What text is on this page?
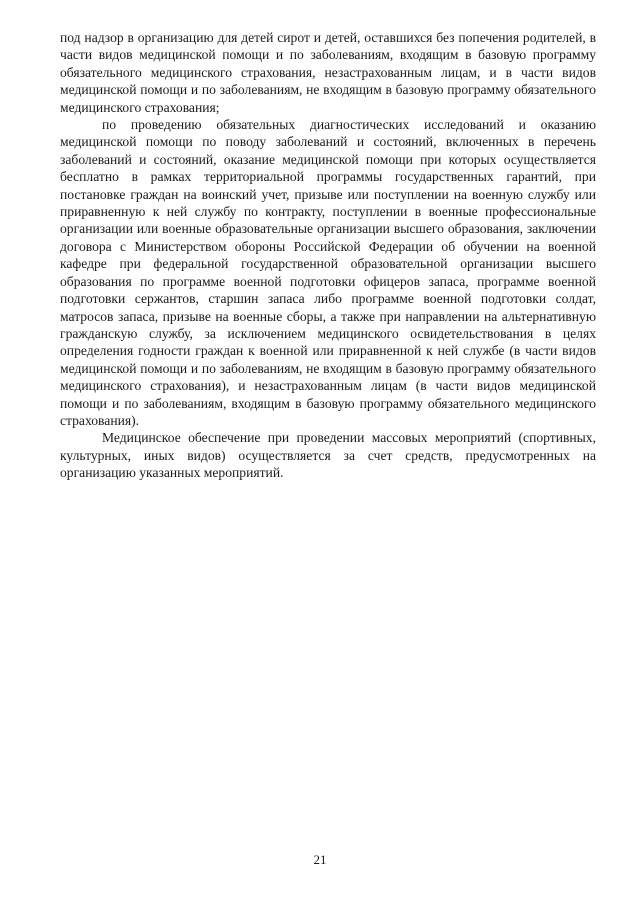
под надзор в организацию для детей сирот и детей, оставшихся без попечения родителей, в части видов медицинской помощи и по заболеваниям, входящим в базовую программу обязательного медицинского страхования, незастрахованным лицам, и в части видов медицинской помощи и по заболеваниям, не входящим в базовую программу обязательного медицинского страхования;

по проведению обязательных диагностических исследований и оказанию медицинской помощи по поводу заболеваний и состояний, включенных в перечень заболеваний и состояний, оказание медицинской помощи при которых осуществляется бесплатно в рамках территориальной программы государственных гарантий, при постановке граждан на воинский учет, призыве или поступлении на военную службу или приравненную к ней службу по контракту, поступлении в военные профессиональные организации или военные образовательные организации высшего образования, заключении договора с Министерством обороны Российской Федерации об обучении на военной кафедре при федеральной государственной образовательной организации высшего образования по программе военной подготовки офицеров запаса, программе военной подготовки сержантов, старшин запаса либо программе военной подготовки солдат, матросов запаса, призыве на военные сборы, а также при направлении на альтернативную гражданскую службу, за исключением медицинского освидетельствования в целях определения годности граждан к военной или приравненной к ней службе (в части видов медицинской помощи и по заболеваниям, не входящим в базовую программу обязательного медицинского страхования), и незастрахованным лицам (в части видов медицинской помощи и по заболеваниям, входящим в базовую программу обязательного медицинского страхования).

Медицинское обеспечение при проведении массовых мероприятий (спортивных, культурных, иных видов) осуществляется за счет средств, предусмотренных на организацию указанных мероприятий.

21
